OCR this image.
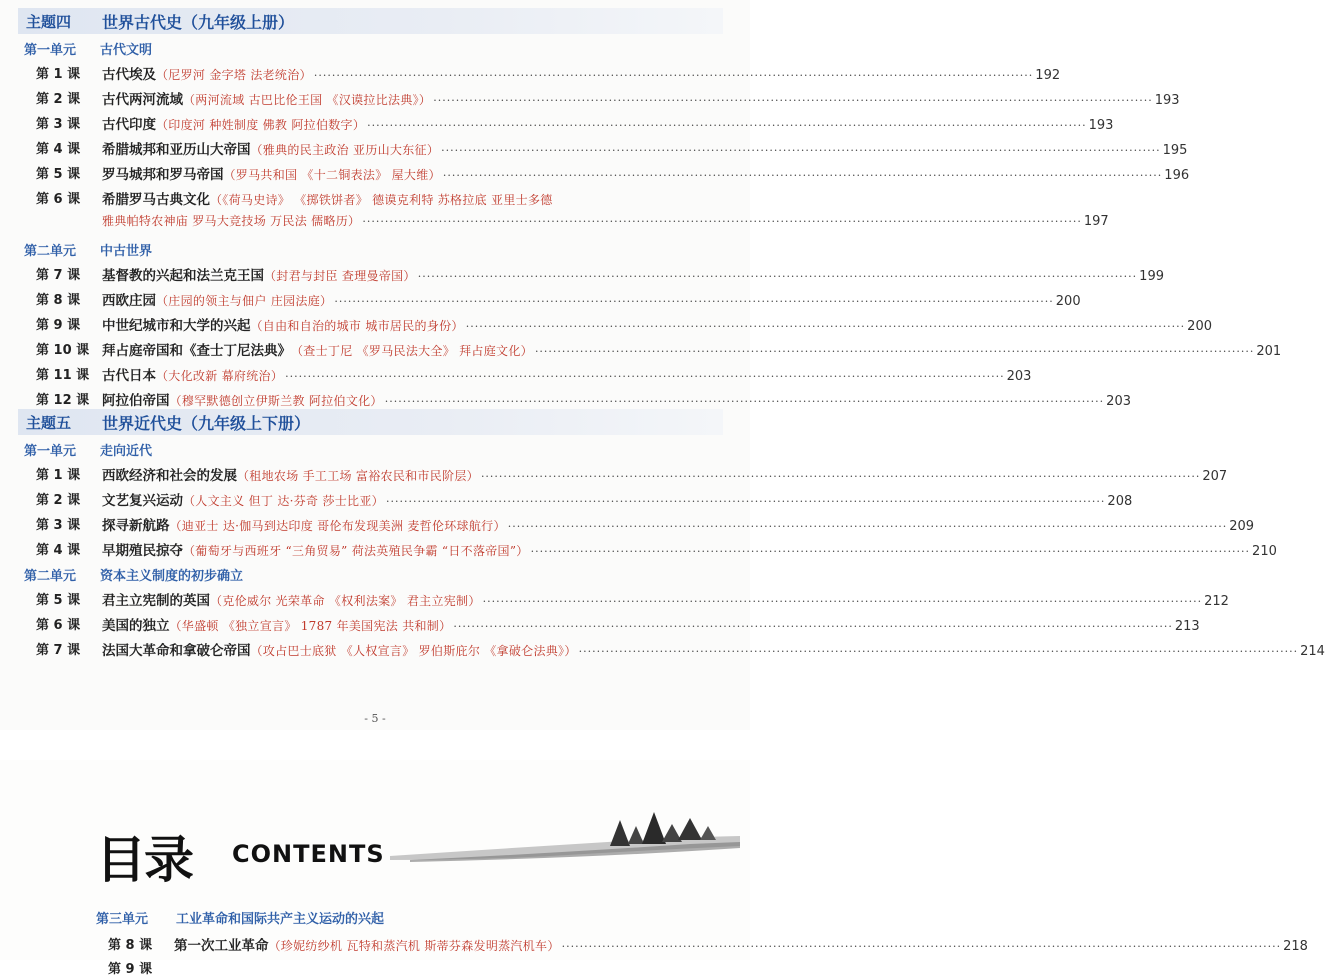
主题四 世界古代史（九年级上册）
第一单元 古代文明
第 1 课 古代埃及 （尼罗河 金字塔 法老统治） ·····	192
第 2 课 古代两河流域 （两河流域 古巴比伦王国 《汉谟拉比法典》） ·····	193
第 3 课 古代印度 （印度河 种姓制度 佛教 阿拉伯数字） ·····	193
第 4 课 希腊城邦和亚历山大帝国 （雅典的民主政治 亚历山大东征） ·····	195
第 5 课 罗马城邦和罗马帝国 （罗马共和国 《十二铜表法》 屋大维） ·····	196
第 6 课 希腊罗马古典文化 （《荷马史诗》 《掷铁饼者》 德谟克利特 苏格拉底 亚里士多德
雅典帕特农神庙 罗马大竞技场 万民法 儒略历） ·····	197
第二单元 中古世界
第 7 课 基督教的兴起和法兰克王国 （封君与封臣 查理曼帝国） ·····	199
第 8 课 西欧庄园 （庄园的领主与佃户 庄园法庭） ·····	200
第 9 课 中世纪城市和大学的兴起 （自由和自治的城市 城市居民的身份） ·····	200
第 10 课 拜占庭帝国和《查士丁尼法典》 （查士丁尼 《罗马民法大全》 拜占庭文化） ·····	201
第 11 课 古代日本 （大化改新 幕府统治） ·····	203
第 12 课 阿拉伯帝国 （穆罕默德创立伊斯兰教 阿拉伯文化） ·····	203
主题五 世界近代史（九年级上下册）
第一单元 走向近代
第 1 课 西欧经济和社会的发展 （租地农场 手工工场 富裕农民和市民阶层） ·····	207
第 2 课 文艺复兴运动 （人文主义 但丁 达·芬奇 莎士比亚） ·····	208
第 3 课 探寻新航路 （迪亚士 达·伽马到达印度 哥伦布发现美洲 麦哲伦环球航行） ·····	209
第 4 课 早期殖民掠夺 （葡萄牙与西班牙 “三角贸易” 荷法英殖民争霸 “日不落帝国”） ·····	210
第二单元 资本主义制度的初步确立
第 5 课 君主立宪制的英国 （克伦威尔 光荣革命 《权利法案》 君主立宪制） ·····	212
第 6 课 美国的独立 （华盛顿 《独立宣言》 1787 年美国宪法 共和制） ·····	213
第 7 课 法国大革命和拿破仑帝国 （攻占巴士底狱 《人权宣言》 罗伯斯庇尔 《拿破仑法典》） ·····	214
- 5 -
目录 CONTENTS
第三单元 工业革命和国际共产主义运动的兴起
第 8 课 第一次工业革命 （珍妮纺纱机 瓦特和蒸汽机 斯蒂芬森发明蒸汽机车） ·····	218
第 9 课
